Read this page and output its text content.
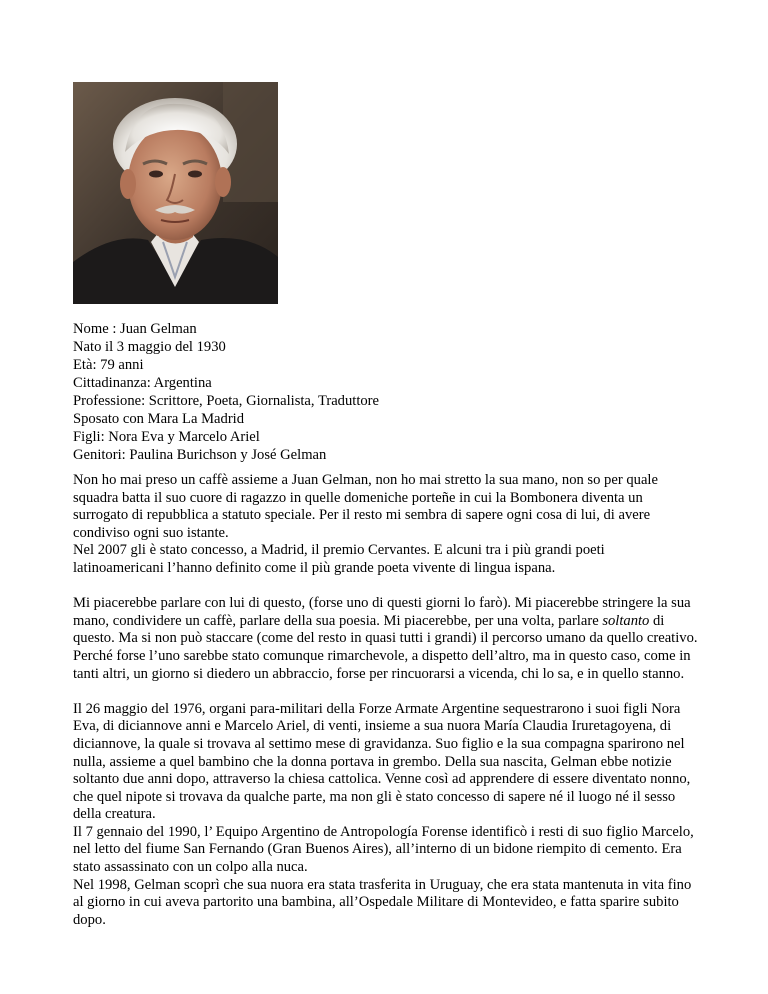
Nome : Juan Gelman
Nato il 3 maggio del 1930
Età: 79 anni
Cittadinanza: Argentina
Professione: Scrittore, Poeta, Giornalista, Traduttore
Sposato con Mara La Madrid
Figli: Nora Eva y Marcelo Ariel
Genitori: Paulina Burichson y José Gelman

Non ho mai preso un caffè assieme a Juan Gelman, non ho mai stretto la sua mano, non so per quale squadra batta il suo cuore di ragazzo in quelle domeniche porteñe in cui la Bombonera diventa un surrogato di repubblica a statuto speciale. Per il resto mi sembra di sapere ogni cosa di lui, di avere condiviso ogni suo istante.

Nel 2007 gli è stato concesso, a Madrid, il premio Cervantes. E alcuni tra i più grandi poeti latinoamericani l’hanno definito come il più grande poeta vivente di lingua ispana.

Mi piacerebbe parlare con lui di questo, (forse uno di questi giorni lo farò). Mi piacerebbe stringere la sua mano, condividere un caffè, parlare della sua poesia. Mi piacerebbe, per una volta, parlare soltanto di questo. Ma si non può staccare (come del resto in quasi tutti i grandi) il percorso umano da quello creativo. Perché forse l’uno sarebbe stato comunque rimarchevole, a dispetto dell’altro, ma in questo caso, come in tanti altri, un giorno si diedero un abbraccio, forse per rincuorarsi a vicenda, chi lo sa, e in quello stanno.

Il 26 maggio del 1976, organi para-militari della Forze Armate Argentine sequestrarono i suoi figli Nora Eva, di diciannove anni e Marcelo Ariel, di venti, insieme a sua nuora María Claudia Iruretagoyena, di diciannove, la quale si trovava al settimo mese di gravidanza. Suo figlio e la sua compagna sparirono nel nulla, assieme a quel bambino che la donna portava in grembo. Della sua nascita, Gelman ebbe notizie soltanto due anni dopo, attraverso la chiesa cattolica. Venne così ad apprendere di essere diventato nonno, che quel nipote si trovava da qualche parte, ma non gli è stato concesso di sapere né il luogo né il sesso della creatura.

Il 7 gennaio del 1990, l’ Equipo Argentino de Antropología Forense identificò i resti di suo figlio Marcelo, nel letto del fiume San Fernando (Gran Buenos Aires), all’interno di un bidone riempito di cemento. Era stato assassinato con un colpo alla nuca.

Nel 1998, Gelman scoprì che sua nuora era stata trasferita in Uruguay, che era stata mantenuta in vita fino al giorno in cui aveva partorito una bambina, all’Ospedale Militare di Montevideo, e fatta sparire subito dopo.
